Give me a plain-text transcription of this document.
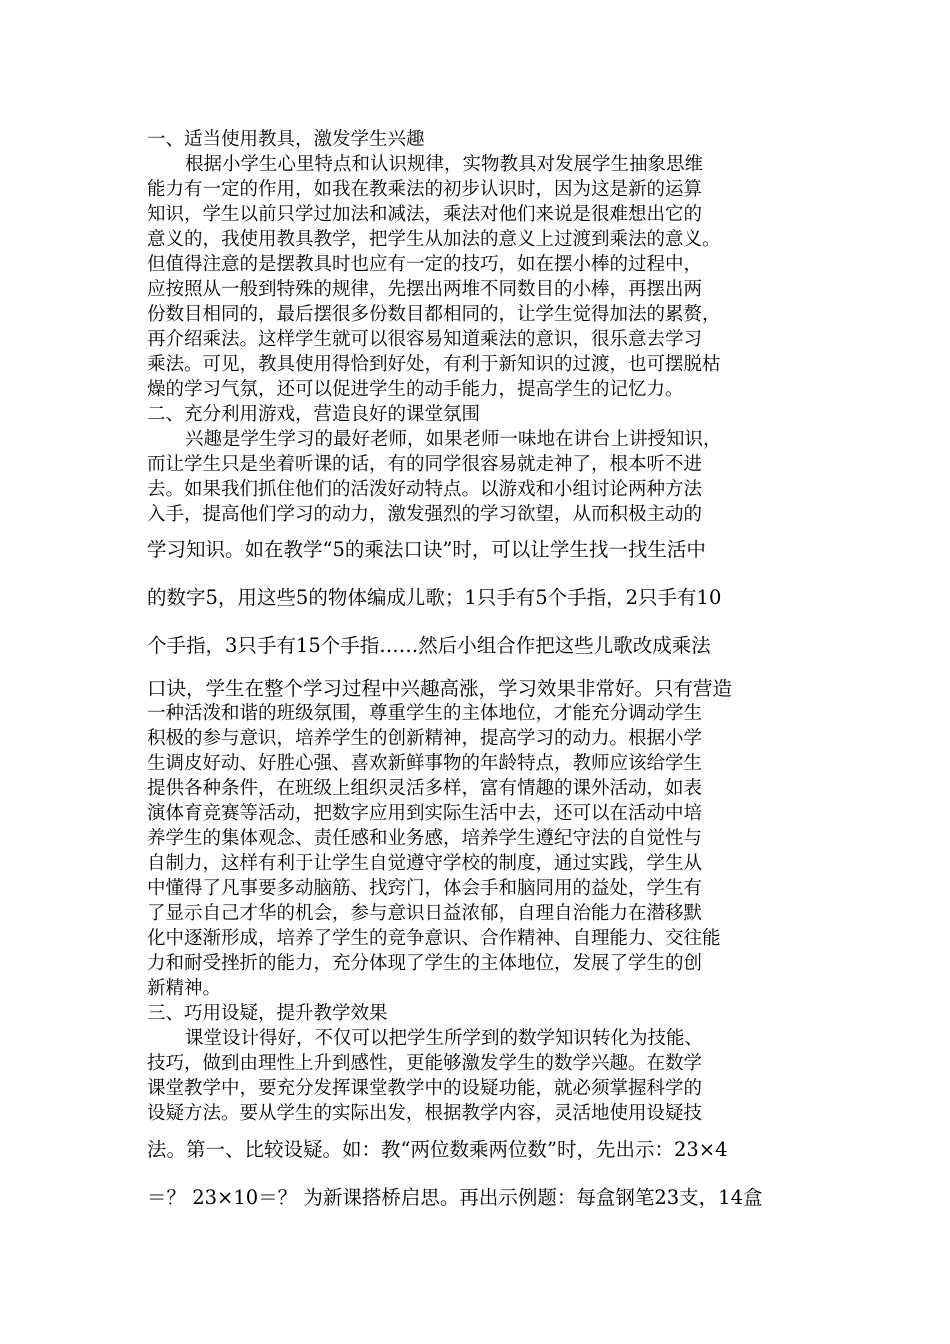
一、适当使用教具，激发学生兴趣
根据小学生心里特点和认识规律，实物教具对发展学生抽象思维
能力有一定的作用，如我在教乘法的初步认识时，因为这是新的运算
知识，学生以前只学过加法和减法，乘法对他们来说是很难想出它的
意义的，我使用教具教学，把学生从加法的意义上过渡到乘法的意义。
但值得注意的是摆教具时也应有一定的技巧，如在摆小棒的过程中，
应按照从一般到特殊的规律，先摆出两堆不同数目的小棒，再摆出两
份数目相同的，最后摆很多份数目都相同的，让学生觉得加法的累赘，
再介绍乘法。这样学生就可以很容易知道乘法的意识，很乐意去学习
乘法。可见，教具使用得恰到好处，有利于新知识的过渡，也可摆脱枯
燥的学习气氛，还可以促进学生的动手能力，提高学生的记忆力。
二、充分利用游戏，营造良好的课堂氛围
兴趣是学生学习的最好老师，如果老师一味地在讲台上讲授知识，
而让学生只是坐着听课的话，有的同学很容易就走神了，根本听不进
去。如果我们抓住他们的活泼好动特点。以游戏和小组讨论两种方法
入手，提高他们学习的动力，激发强烈的学习欲望，从而积极主动的
学习知识。如在教学“5的乘法口诀”时，可以让学生找一找生活中
的数字5，用这些5的物体编成儿歌；1只手有5个手指，2只手有10
个手指，3只手有15个手指……然后小组合作把这些儿歌改成乘法
口诀，学生在整个学习过程中兴趣高涨，学习效果非常好。只有营造
一种活泼和谐的班级氛围，尊重学生的主体地位，才能充分调动学生
积极的参与意识，培养学生的创新精神，提高学习的动力。根据小学
生调皮好动、好胜心强、喜欢新鲜事物的年龄特点，教师应该给学生
提供各种条件，在班级上组织灵活多样，富有情趣的课外活动，如表
演体育竞赛等活动，把数字应用到实际生活中去，还可以在活动中培
养学生的集体观念、责任感和业务感，培养学生遵纪守法的自觉性与
自制力，这样有利于让学生自觉遵守学校的制度，通过实践，学生从
中懂得了凡事要多动脑筋、找窍门，体会手和脑同用的益处，学生有
了显示自己才华的机会，参与意识日益浓郁，自理自治能力在潜移默
化中逐渐形成，培养了学生的竞争意识、合作精神、自理能力、交往能
力和耐受挫折的能力，充分体现了学生的主体地位，发展了学生的创
新精神。
三、巧用设疑，提升教学效果
课堂设计得好，不仅可以把学生所学到的数学知识转化为技能、
技巧，做到由理性上升到感性，更能够激发学生的数学兴趣。在数学
课堂教学中，要充分发挥课堂教学中的设疑功能，就必须掌握科学的
设疑方法。要从学生的实际出发，根据教学内容，灵活地使用设疑技
法。第一、比较设疑。如：教“两位数乘两位数”时，先出示：23×4
＝？ 23×10＝？ 为新课搭桥启思。再出示例题：每盒钢笔23支，14盒
